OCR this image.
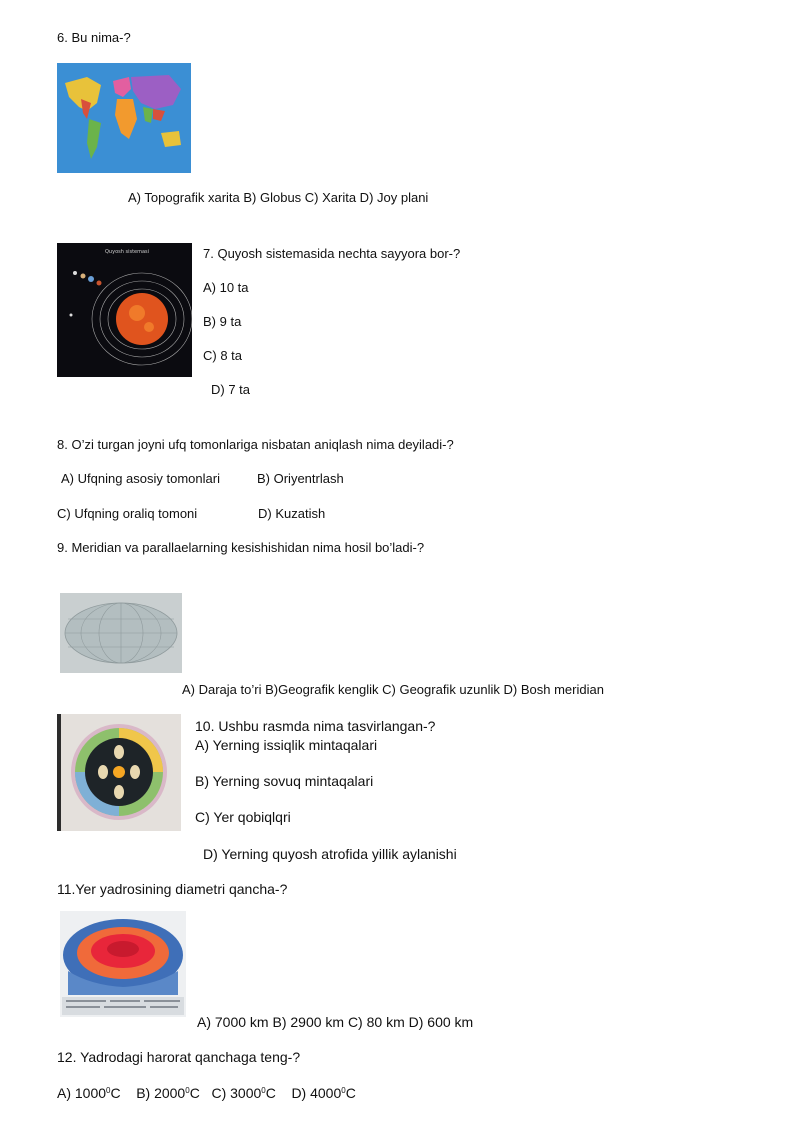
6. Bu nima-?
A) Topografik xarita B) Globus C) Xarita D) Joy plani
Quyosh sistemasi	7. Quyosh sistemasida nechta sayyora bor-?
A) 10 ta
B) 9 ta
C) 8 ta
D) 7 ta
8. O’zi turgan joyni ufq tomonlariga nisbatan aniqlash nima deyiladi-?
A) Ufqning asosiy tomonlari	B) Oriyentrlash
C) Ufqning oraliq tomoni	D) Kuzatish
9. Meridian va parallaelarning kesishishidan nima hosil bo’ladi-?
A) Daraja to’ri B)Geografik kenglik C) Geografik uzunlik D) Bosh meridian
10. Ushbu rasmda nima tasvirlangan-?
A) Yerning issiqlik mintaqalari
B) Yerning sovuq mintaqalari
C) Yer qobiqlqri
D) Yerning quyosh atrofida yillik aylanishi
11.Yer yadrosining diametri qancha-?
A) 7000 km B) 2900 km C) 80 km D) 600 km
12. Yadrodagi harorat qanchaga teng-?
A) 1000$^0$C B) 2000$^0$C C) 3000$^0$C D) 4000$^0$C
